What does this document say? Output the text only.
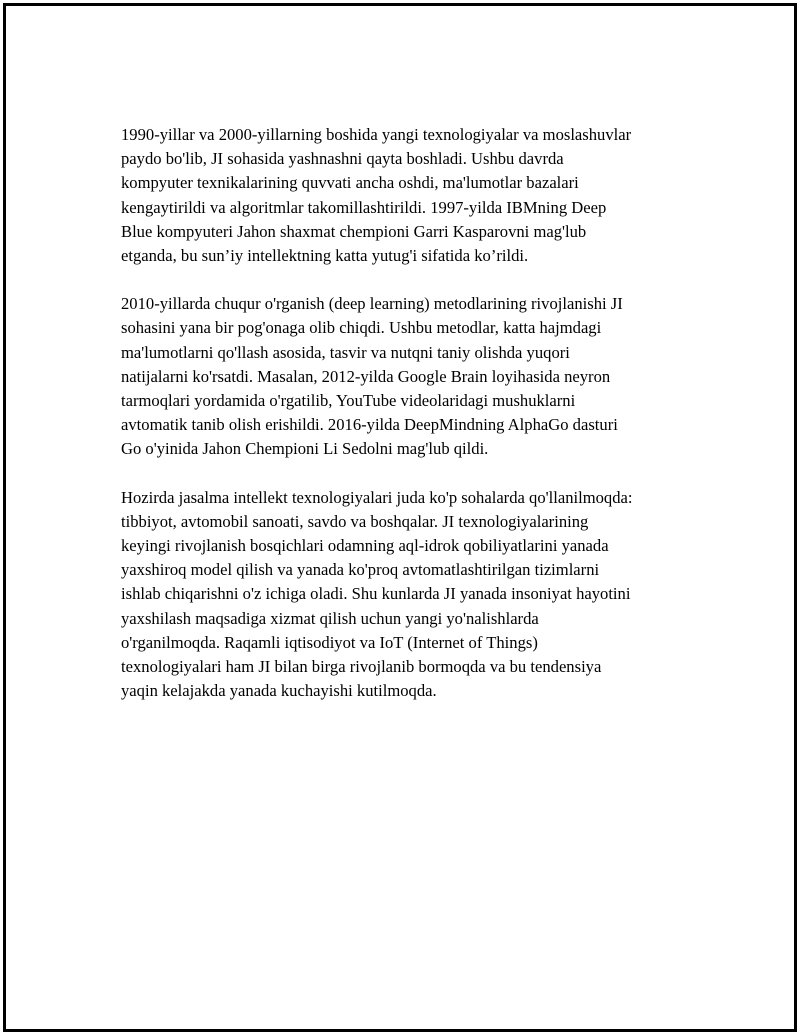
1990-yillar va 2000-yillarning boshida yangi texnologiyalar va moslashuvlar
paydo bo'lib, JI sohasida yashnashni qayta boshladi. Ushbu davrda
kompyuter texnikalarining quvvati ancha oshdi, ma'lumotlar bazalari
kengaytirildi va algoritmlar takomillashtirildi. 1997-yilda IBMning Deep
Blue kompyuteri Jahon shaxmat chempioni Garri Kasparovni mag'lub
etganda, bu sun’iy intellektning katta yutug'i sifatida ko’rildi.

2010-yillarda chuqur o'rganish (deep learning) metodlarining rivojlanishi JI
sohasini yana bir pog'onaga olib chiqdi. Ushbu metodlar, katta hajmdagi
ma'lumotlarni qo'llash asosida, tasvir va nutqni taniy olishda yuqori
natijalarni ko'rsatdi. Masalan, 2012-yilda Google Brain loyihasida neyron
tarmoqlari yordamida o'rgatilib, YouTube videolaridagi mushuklarni
avtomatik tanib olish erishildi. 2016-yilda DeepMindning AlphaGo dasturi
Go o'yinida Jahon Chempioni Li Sedolni mag'lub qildi.

Hozirda jasalma intellekt texnologiyalari juda ko'p sohalarda qo'llanilmoqda:
tibbiyot, avtomobil sanoati, savdo va boshqalar. JI texnologiyalarining
keyingi rivojlanish bosqichlari odamning aql-idrok qobiliyatlarini yanada
yaxshiroq model qilish va yanada ko'proq avtomatlashtirilgan tizimlarni
ishlab chiqarishni o'z ichiga oladi. Shu kunlarda JI yanada insoniyat hayotini
yaxshilash maqsadiga xizmat qilish uchun yangi yo'nalishlarda
o'rganilmoqda. Raqamli iqtisodiyot va IoT (Internet of Things)
texnologiyalari ham JI bilan birga rivojlanib bormoqda va bu tendensiya
yaqin kelajakda yanada kuchayishi kutilmoqda.
